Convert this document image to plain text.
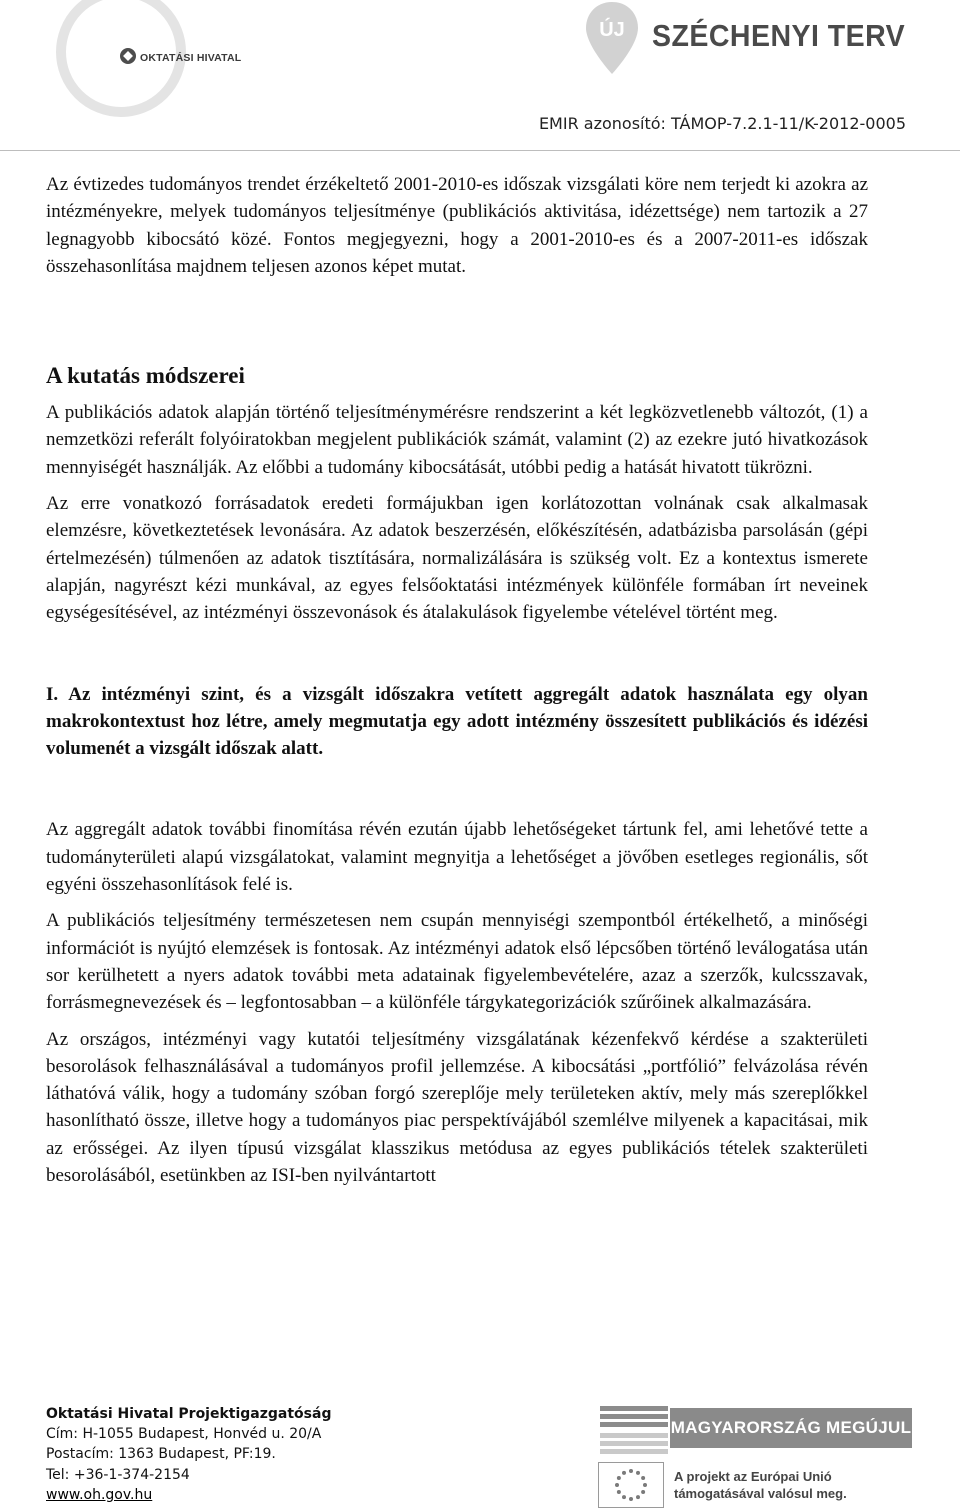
OKTATÁSI HIVATAL
ÚJ SZÉCHENYI TERV
EMIR azonosító: TÁMOP-7.2.1-11/K-2012-0005

Az évtizedes tudományos trendet érzékeltető 2001-2010-es időszak vizsgálati köre nem terjedt ki azokra az intézményekre, melyek tudományos teljesítménye (publikációs aktivitása, idézettsége) nem tartozik a 27 legnagyobb kibocsátó közé. Fontos megjegyezni, hogy a 2001-2010-es és a 2007-2011-es időszak összehasonlítása majdnem teljesen azonos képet mutat.

A kutatás módszerei

A publikációs adatok alapján történő teljesítménymérésre rendszerint a két legközvetlenebb változót, (1) a nemzetközi referált folyóiratokban megjelent publikációk számát, valamint (2) az ezekre jutó hivatkozások mennyiségét használják. Az előbbi a tudomány kibocsátását, utóbbi pedig a hatását hivatott tükrözni.

Az erre vonatkozó forrásadatok eredeti formájukban igen korlátozottan volnának csak alkalmasak elemzésre, következtetések levonására. Az adatok beszerzésén, előkészítésén, adatbázisba parsolásán (gépi értelmezésén) túlmenően az adatok tisztítására, normalizálására is szükség volt. Ez a kontextus ismerete alapján, nagyrészt kézi munkával, az egyes felsőoktatási intézmények különféle formában írt neveinek egységesítésével, az intézményi összevonások és átalakulások figyelembe vételével történt meg.

I. Az intézményi szint, és a vizsgált időszakra vetített aggregált adatok használata egy olyan makrokontextust hoz létre, amely megmutatja egy adott intézmény összesített publikációs és idézési volumenét a vizsgált időszak alatt.

Az aggregált adatok további finomítása révén ezután újabb lehetőségeket tártunk fel, ami lehetővé tette a tudományterületi alapú vizsgálatokat, valamint megnyitja a lehetőséget a jövőben esetleges regionális, sőt egyéni összehasonlítások felé is.

A publikációs teljesítmény természetesen nem csupán mennyiségi szempontból értékelhető, a minőségi információt is nyújtó elemzések is fontosak. Az intézményi adatok első lépcsőben történő leválogatása után sor kerülhetett a nyers adatok további meta adatainak figyelembevételére, azaz a szerzők, kulcsszavak, forrásmegnevezések és – legfontosabban – a különféle tárgykategorizációk szűrőinek alkalmazására.

Az országos, intézményi vagy kutatói teljesítmény vizsgálatának kézenfekvő kérdése a szakterületi besorolások felhasználásával a tudományos profil jellemzése. A kibocsátási „portfólió” felvázolása révén láthatóvá válik, hogy a tudomány szóban forgó szereplője mely területeken aktív, mely más szereplőkkel hasonlítható össze, illetve hogy a tudományos piac perspektívájából szemlélve milyenek a kapacitásai, mik az erősségei. Az ilyen típusú vizsgálat klasszikus metódusa az egyes publikációs tételek szakterületi besorolásából, esetünkben az ISI-ben nyilvántartott

Oktatási Hivatal Projektigazgatóság
Cím: H-1055 Budapest, Honvéd u. 20/A
Postacím: 1363 Budapest, PF:19.
Tel: +36-1-374-2154
www.oh.gov.hu
MAGYARORSZÁG MEGÚJUL
A projekt az Európai Unió
támogatásával valósul meg.
